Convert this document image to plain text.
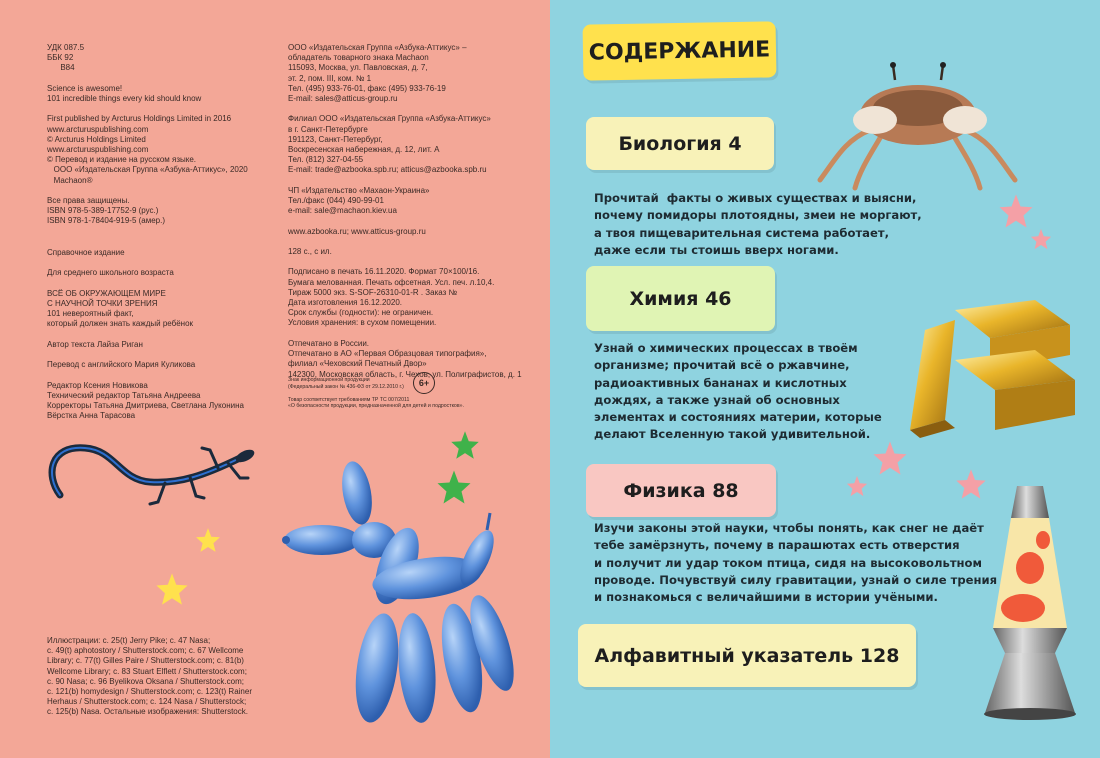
УДК 087.5
ББК 92
В84

Science is awesome!
101 incredible things every kid should know

First published by Arcturus Holdings Limited in 2016
www.arcturuspublishing.com
© Arcturus Holdings Limited
www.arcturuspublishing.com
© Перевод и издание на русском языке.
ООО «Издательская Группа «Азбука-Аттикус», 2020
Machaon®

Все права защищены.
ISBN 978-5-389-17752-9 (рус.)
ISBN 978-1-78404-919-5 (амер.)
Справочное издание

Для среднего школьного возраста

ВСЁ ОБ ОКРУЖАЮЩЕМ МИРЕ
С НАУЧНОЙ ТОЧКИ ЗРЕНИЯ
101 невероятный факт,
который должен знать каждый ребёнок

Автор текста Лайза Риган

Перевод с английского Мария Куликова

Редактор Ксения Новикова
Технический редактор Татьяна Андреева
Корректоры Татьяна Дмитриева, Светлана Луконина
Вёрстка Анна Тарасова
ООО «Издательская Группа «Азбука-Аттикус» –
обладатель товарного знака Machaon
115093, Москва, ул. Павловская, д. 7,
эт. 2, пом. III, ком. № 1
Тел. (495) 933-76-01, факс (495) 933-76-19
E-mail: sales@atticus-group.ru

Филиал ООО «Издательская Группа «Азбука-Аттикус»
в г. Санкт-Петербурге
191123, Санкт-Петербург,
Воскресенская набережная, д. 12, лит. А
Тел. (812) 327-04-55
E-mail: trade@azbooka.spb.ru; atticus@azbooka.spb.ru

ЧП «Издательство «Махаон-Украина»
Тел./факс (044) 490-99-01
e-mail: sale@machaon.kiev.ua

www.azbooka.ru; www.atticus-group.ru

128 с., с ил.

Подписано в печать 16.11.2020. Формат 70×100/16.
Бумага мелованная. Печать офсетная. Усл. печ. л.10,4.
Тираж 5000 экз. S-SOF-26310-01-R . Заказ №
Дата изготовления 16.12.2020.
Срок службы (годности): не ограничен.
Условия хранения: в сухом помещении.

Отпечатано в России.
Отпечатано в АО «Первая Образцовая типография»,
филиал «Чеховский Печатный Двор»
142300, Московская область, г. Чехов, ул. Полиграфистов, д. 1
Знак информационной продукции
(Федеральный закон № 436-ФЗ от 29.12.2010 г.)

Товар соответствует требованиям ТР ТС 007/2011
«О безопасности продукции, предназначенной для детей и подростков».
6+
Иллюстрации: с. 25(t) Jerry Pike; с. 47 Nasa;
с. 49(t) aphotostory / Shutterstock.com; с. 67 Wellcome
Library; с. 77(t) Gilles Paire / Shutterstock.com; с. 81(b)
Wellcome Library; с. 83 Stuart Elflett / Shutterstock.com;
с. 90 Nasa; с. 96 Byelikova Oksana / Shutterstock.com;
с. 121(b) homydesign / Shutterstock.com; с. 123(t) Rainer
Herhaus / Shutterstock.com; с. 124 Nasa / Shutterstock;
с. 125(b) Nasa. Остальные изображения: Shutterstock.
СОДЕРЖАНИЕ
Биология 4
Прочитай  факты о живых существах и выясни,
почему помидоры плотоядны, змеи не моргают,
а твоя пищеварительная система работает,
даже если ты стоишь вверх ногами.
Химия 46
Узнай о химических процессах в твоём
организме; прочитай всё о ржавчине,
радиоактивных бананах и кислотных
дождях, а также узнай об основных
элементах и состояниях материи, которые
делают Вселенную такой удивительной.
Физика 88
Изучи законы этой науки, чтобы понять, как снег не даёт
тебе замёрзнуть, почему в парашютах есть отверстия
и получит ли удар током птица, сидя на высоковольтном
проводе. Почувствуй силу гравитации, узнай о силе трения
и познакомься с величайшими в истории учёными.
Алфавитный указатель 128
